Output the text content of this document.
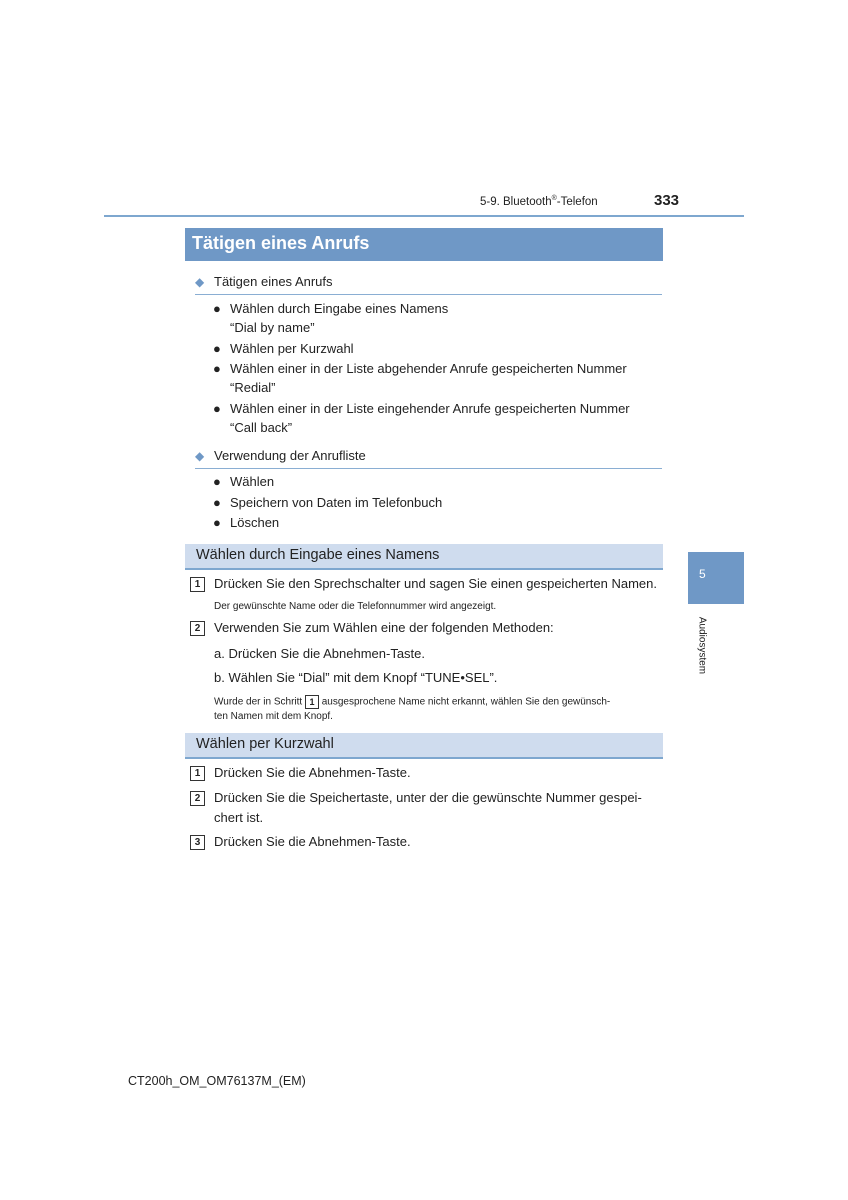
5-9. Bluetooth®-Telefon	333
Tätigen eines Anrufs
◆ Tätigen eines Anrufs
● Wählen durch Eingabe eines Namens
“Dial by name”
● Wählen per Kurzwahl
● Wählen einer in der Liste abgehender Anrufe gespeicherten Nummer
“Redial”
● Wählen einer in der Liste eingehender Anrufe gespeicherten Nummer
“Call back”
◆ Verwendung der Anrufliste
● Wählen
● Speichern von Daten im Telefonbuch
● Löschen
Wählen durch Eingabe eines Namens
1	Drücken Sie den Sprechschalter und sagen Sie einen gespeicherten Namen.
Der gewünschte Name oder die Telefonnummer wird angezeigt.
2	Verwenden Sie zum Wählen eine der folgenden Methoden:
a. Drücken Sie die Abnehmen-Taste.
b. Wählen Sie “Dial” mit dem Knopf “TUNE•SEL”.
Wurde der in Schritt 1 ausgesprochene Name nicht erkannt, wählen Sie den gewünsch-
ten Namen mit dem Knopf.
Wählen per Kurzwahl
1	Drücken Sie die Abnehmen-Taste.
2	Drücken Sie die Speichertaste, unter der die gewünschte Nummer gespei-
chert ist.
3	Drücken Sie die Abnehmen-Taste.
5
Audiosystem
CT200h_OM_OM76137M_(EM)
